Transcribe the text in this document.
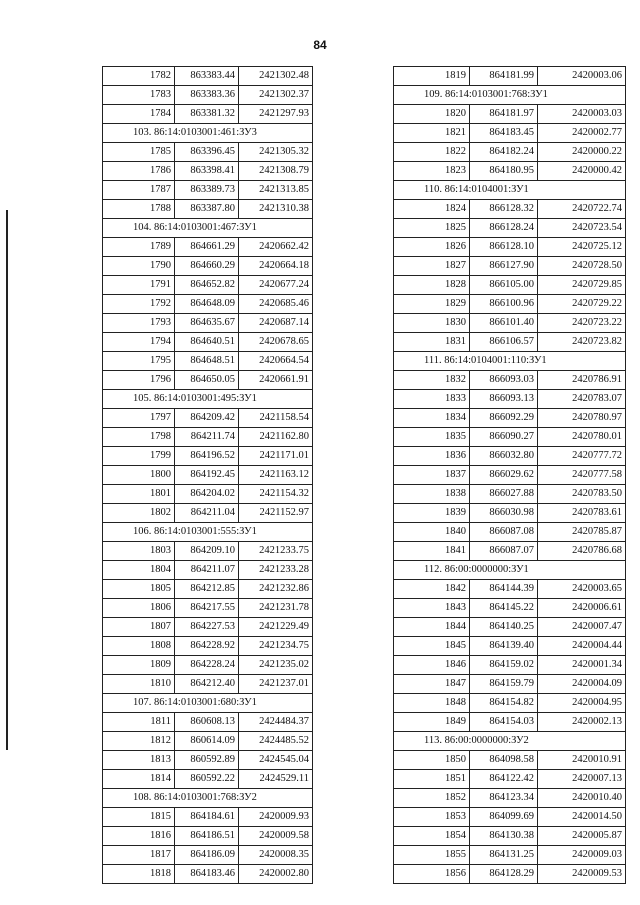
84
1782	863383.44	2421302.48
1783	863383.36	2421302.37
1784	863381.32	2421297.93
103. 86:14:0103001:461:ЗУ3		
1785	863396.45	2421305.32
1786	863398.41	2421308.79
1787	863389.73	2421313.85
1788	863387.80	2421310.38
104. 86:14:0103001:467:ЗУ1		
1789	864661.29	2420662.42
1790	864660.29	2420664.18
1791	864652.82	2420677.24
1792	864648.09	2420685.46
1793	864635.67	2420687.14
1794	864640.51	2420678.65
1795	864648.51	2420664.54
1796	864650.05	2420661.91
105. 86:14:0103001:495:ЗУ1		
1797	864209.42	2421158.54
1798	864211.74	2421162.80
1799	864196.52	2421171.01
1800	864192.45	2421163.12
1801	864204.02	2421154.32
1802	864211.04	2421152.97
106. 86:14:0103001:555:ЗУ1		
1803	864209.10	2421233.75
1804	864211.07	2421233.28
1805	864212.85	2421232.86
1806	864217.55	2421231.78
1807	864227.53	2421229.49
1808	864228.92	2421234.75
1809	864228.24	2421235.02
1810	864212.40	2421237.01
107. 86:14:0103001:680:ЗУ1		
1811	860608.13	2424484.37
1812	860614.09	2424485.52
1813	860592.89	2424545.04
1814	860592.22	2424529.11
108. 86:14:0103001:768:ЗУ2		
1815	864184.61	2420009.93
1816	864186.51	2420009.58
1817	864186.09	2420008.35
1818	864183.46	2420002.80
1819	864181.99	2420003.06
109. 86:14:0103001:768:ЗУ1		
1820	864181.97	2420003.03
1821	864183.45	2420002.77
1822	864182.24	2420000.22
1823	864180.95	2420000.42
110. 86:14:0104001:ЗУ1		
1824	866128.32	2420722.74
1825	866128.24	2420723.54
1826	866128.10	2420725.12
1827	866127.90	2420728.50
1828	866105.00	2420729.85
1829	866100.96	2420729.22
1830	866101.40	2420723.22
1831	866106.57	2420723.82
111. 86:14:0104001:110:ЗУ1		
1832	866093.03	2420786.91
1833	866093.13	2420783.07
1834	866092.29	2420780.97
1835	866090.27	2420780.01
1836	866032.80	2420777.72
1837	866029.62	2420777.58
1838	866027.88	2420783.50
1839	866030.98	2420783.61
1840	866087.08	2420785.87
1841	866087.07	2420786.68
112. 86:00:0000000:ЗУ1		
1842	864144.39	2420003.65
1843	864145.22	2420006.61
1844	864140.25	2420007.47
1845	864139.40	2420004.44
1846	864159.02	2420001.34
1847	864159.79	2420004.09
1848	864154.82	2420004.95
1849	864154.03	2420002.13
113. 86:00:0000000:ЗУ2		
1850	864098.58	2420010.91
1851	864122.42	2420007.13
1852	864123.34	2420010.40
1853	864099.69	2420014.50
1854	864130.38	2420005.87
1855	864131.25	2420009.03
1856	864128.29	2420009.53
